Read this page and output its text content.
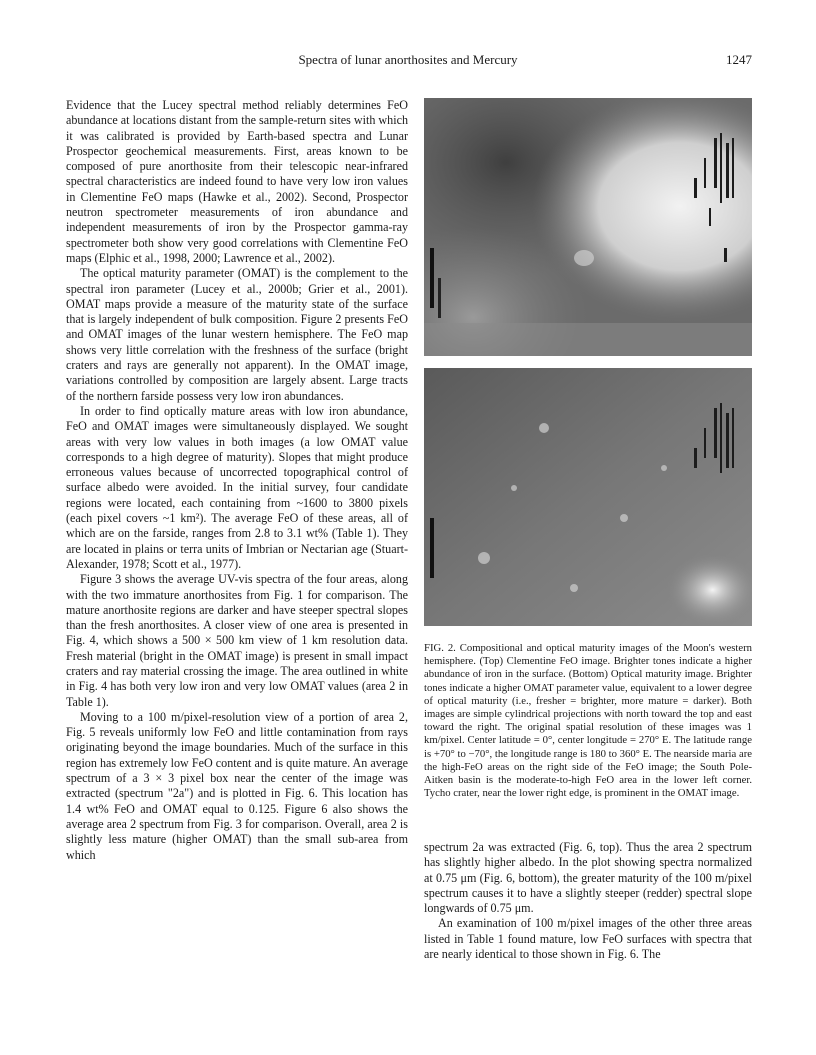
Spectra of lunar anorthosites and Mercury	1247

Evidence that the Lucey spectral method reliably determines FeO abundance at locations distant from the sample-return sites with which it was calibrated is provided by Earth-based spectra and Lunar Prospector geochemical measurements. First, areas known to be composed of pure anorthosite from their telescopic near-infrared spectral characteristics are indeed found to have very low iron values in Clementine FeO maps (Hawke et al., 2002). Second, Prospector neutron spectrometer measurements of iron abundance and independent measurements of iron by the Prospector gamma-ray spectrometer both show very good correlations with Clementine FeO maps (Elphic et al., 1998, 2000; Lawrence et al., 2002).

The optical maturity parameter (OMAT) is the complement to the spectral iron parameter (Lucey et al., 2000b; Grier et al., 2001). OMAT maps provide a measure of the maturity state of the surface that is largely independent of bulk composition. Figure 2 presents FeO and OMAT images of the lunar western hemisphere. The FeO map shows very little correlation with the freshness of the surface (bright craters and rays are generally not apparent). In the OMAT image, variations controlled by composition are largely absent. Large tracts of the northern farside possess very low iron abundances.

In order to find optically mature areas with low iron abundance, FeO and OMAT images were simultaneously displayed. We sought areas with very low values in both images (a low OMAT value corresponds to a high degree of maturity). Slopes that might produce erroneous values because of uncorrected topographical control of surface albedo were avoided. In the initial survey, four candidate regions were located, each containing from ~1600 to 3800 pixels (each pixel covers ~1 km²). The average FeO of these areas, all of which are on the farside, ranges from 2.8 to 3.1 wt% (Table 1). They are located in plains or terra units of Imbrian or Nectarian age (Stuart-Alexander, 1978; Scott et al., 1977).

Figure 3 shows the average UV-vis spectra of the four areas, along with the two immature anorthosites from Fig. 1 for comparison. The mature anorthosite regions are darker and have steeper spectral slopes than the fresh anorthosites. A closer view of one area is presented in Fig. 4, which shows a 500 × 500 km view of 1 km resolution data. Fresh material (bright in the OMAT image) is present in small impact craters and ray material crossing the image. The area outlined in white in Fig. 4 has both very low iron and very low OMAT values (area 2 in Table 1).

Moving to a 100 m/pixel-resolution view of a portion of area 2, Fig. 5 reveals uniformly low FeO and little contamination from rays originating beyond the image boundaries. Much of the surface in this region has extremely low FeO content and is quite mature. An average spectrum of a 3 × 3 pixel box near the center of the image was extracted (spectrum "2a") and is plotted in Fig. 6. This location has 1.4 wt% FeO and OMAT equal to 0.125. Figure 6 also shows the average area 2 spectrum from Fig. 3 for comparison. Overall, area 2 is slightly less mature (higher OMAT) than the small sub-area from which

FIG. 2. Compositional and optical maturity images of the Moon's western hemisphere. (Top) Clementine FeO image. Brighter tones indicate a higher abundance of iron in the surface. (Bottom) Optical maturity image. Brighter tones indicate a higher OMAT parameter value, equivalent to a lower degree of optical maturity (i.e., fresher = brighter, more mature = darker). Both images are simple cylindrical projections with north toward the top and east toward the right. The original spatial resolution of these images was 1 km/pixel. Center latitude = 0°, center longitude = 270° E. The latitude range is +70° to −70°, the longitude range is 180 to 360° E. The nearside maria are the high-FeO areas on the right side of the FeO image; the South Pole-Aitken basin is the moderate-to-high FeO area in the lower left corner. Tycho crater, near the lower right edge, is prominent in the OMAT image.

spectrum 2a was extracted (Fig. 6, top). Thus the area 2 spectrum has slightly higher albedo. In the plot showing spectra normalized at 0.75 μm (Fig. 6, bottom), the greater maturity of the 100 m/pixel spectrum causes it to have a slightly steeper (redder) spectral slope longwards of 0.75 μm.

An examination of 100 m/pixel images of the other three areas listed in Table 1 found mature, low FeO surfaces with spectra that are nearly identical to those shown in Fig. 6. The
